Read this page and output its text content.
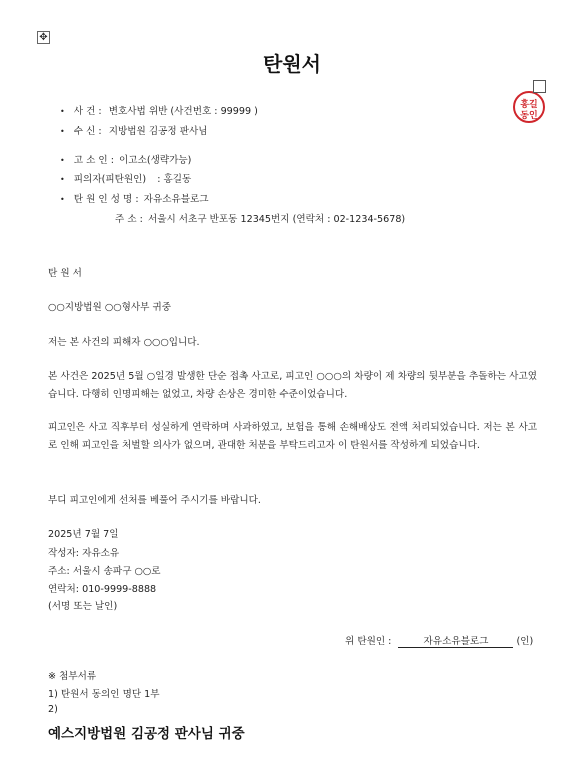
✥
탄원서
• 사 건 : 변호사법 위반 (사건번호 : 99999 )
• 수 신 : 지방법원 김공정 판사님
• 고 소 인 : 이고소(생략가능)
• 피의자(피탄원인) : 홍길동
• 탄 원 인 성 명 : 자유소유블로그
주 소 : 서울시 서초구 반포동 12345번지 (연락처 : 02-1234-5678)
홍길
동인
탄 원 서
○○지방법원 ○○형사부 귀중
저는 본 사건의 피해자 ○○○입니다.
본 사건은 2025년 5월 ○일경 발생한 단순 접촉 사고로, 피고인 ○○○의 차량이 제 차량의 뒷부분을 추돌하는 사고였습니다. 다행히 인명피해는 없었고, 차량 손상은 경미한 수준이었습니다.
피고인은 사고 직후부터 성실하게 연락하며 사과하였고, 보험을 통해 손해배상도 전액 처리되었습니다. 저는 본 사고로 인해 피고인을 처벌할 의사가 없으며, 관대한 처분을 부탁드리고자 이 탄원서를 작성하게 되었습니다.
부디 피고인에게 선처를 베풀어 주시기를 바랍니다.
2025년 7월 7일
작성자: 자유소유
주소: 서울시 송파구 ○○로
연락처: 010-9999-8888
(서명 또는 날인)
위 탄원인 :	자유소유블로그	(인)
※ 첨부서류
1) 탄원서 동의인 명단 1부
2)
예스지방법원 김공정 판사님 귀중
